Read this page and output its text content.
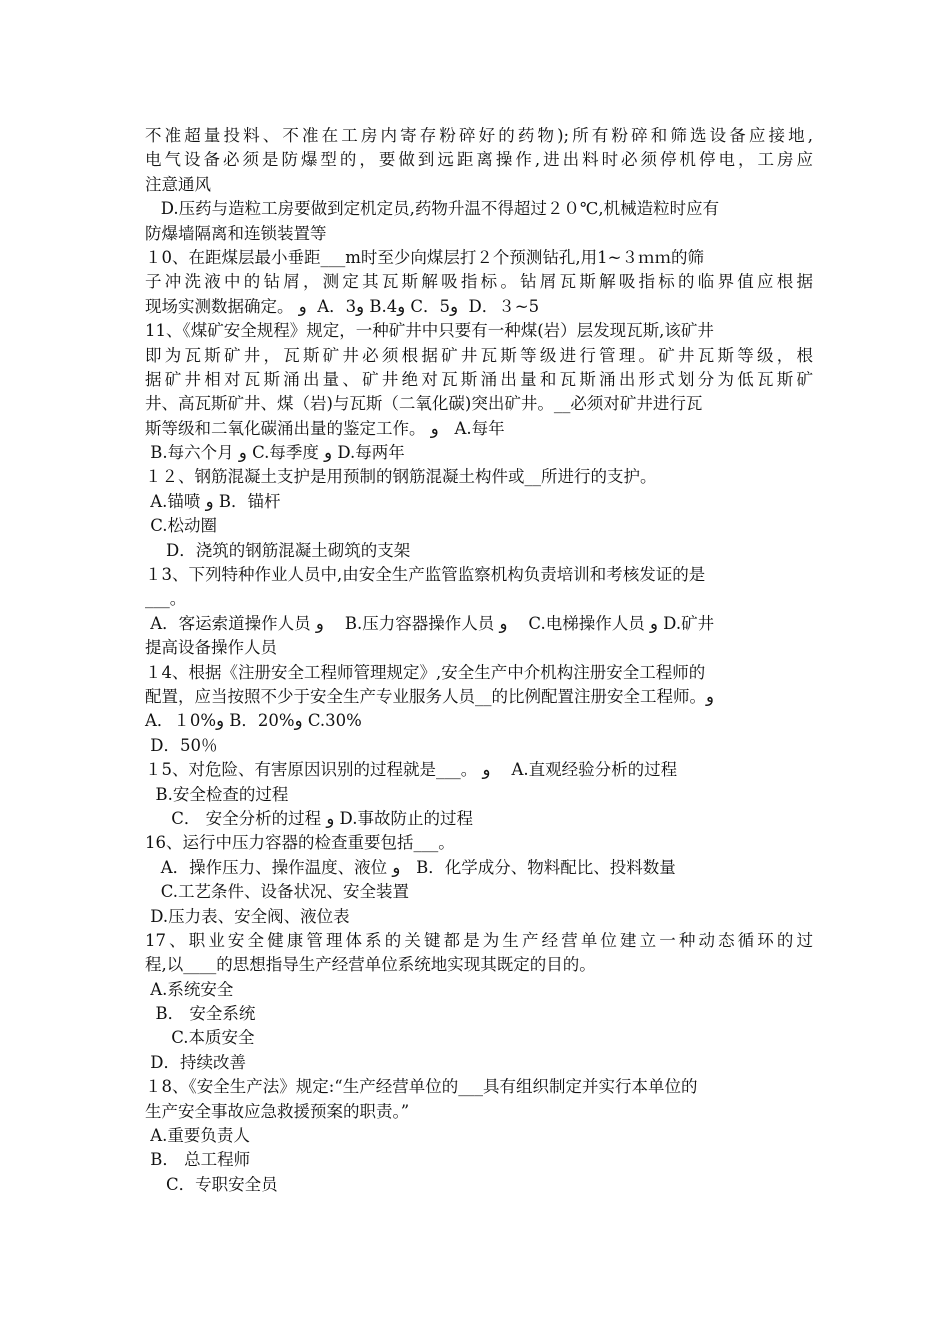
不准超量投料、不准在工房内寄存粉碎好的药物);所有粉碎和筛选设备应接地,
电气设备必须是防爆型的，要做到远距离操作,进出料时必须停机停电，工房应
注意通风
D.压药与造粒工房要做到定机定员,药物升温不得超过２０℃,机械造粒时应有
防爆墙隔离和连锁装置等
１0、在距煤层最小垂距___m时至少向煤层打２个预测钻孔,用1~３ｍｍ的筛
子冲洗液中的钻屑，测定其瓦斯解吸指标。钻屑瓦斯解吸指标的临界值应根据
现场实测数据确定。 و  A．3و B.4و C．5و  D．３~5
11、《煤矿安全规程》规定，一种矿井中只要有一种煤(岩）层发现瓦斯,该矿井
即为瓦斯矿井，瓦斯矿井必须根据矿井瓦斯等级进行管理。矿井瓦斯等级，根
据矿井相对瓦斯涌出量、矿井绝对瓦斯涌出量和瓦斯涌出形式划分为低瓦斯矿
井、高瓦斯矿井、煤（岩)与瓦斯（二氧化碳)突出矿井。__必须对矿井进行瓦
斯等级和二氧化碳涌出量的鉴定工作。 و   A.每年
B.每六个月 و C.每季度 و D.每两年
１２、钢筋混凝土支护是用预制的钢筋混凝土构件或__所进行的支护。
A.锚喷 و B．锚杆
C.松动圈
D．浇筑的钢筋混凝土砌筑的支架
１3、下列特种作业人员中,由安全生产监管监察机构负责培训和考核发证的是
___。
A．客运索道操作人员 و    B.压力容器操作人员 و    C.电梯操作人员 و D.矿井
提高设备操作人员
１4、根据《注册安全工程师管理规定》,安全生产中介机构注册安全工程师的
配置，应当按照不少于安全生产专业服务人员__的比例配置注册安全工程师。و
A．１0%و B．20%و C.30%
D．50％
１5、对危险、有害原因识别的过程就是___。 و    A.直观经验分析的过程
B.安全检查的过程
C． 安全分析的过程 و D.事故防止的过程
16、运行中压力容器的检查重要包括___。
A．操作压力、操作温度、液位 و   B．化学成分、物料配比、投料数量
C.工艺条件、设备状况、安全装置
D.压力表、安全阀、液位表
17、职业安全健康管理体系的关键都是为生产经营单位建立一种动态循环的过
程,以____的思想指导生产经营单位系统地实现其既定的目的。
A.系统安全
B． 安全系统
C.本质安全
D．持续改善
１8、《安全生产法》规定:“生产经营单位的___具有组织制定并实行本单位的
生产安全事故应急救援预案的职责。”
A.重要负责人
B． 总工程师
C．专职安全员
